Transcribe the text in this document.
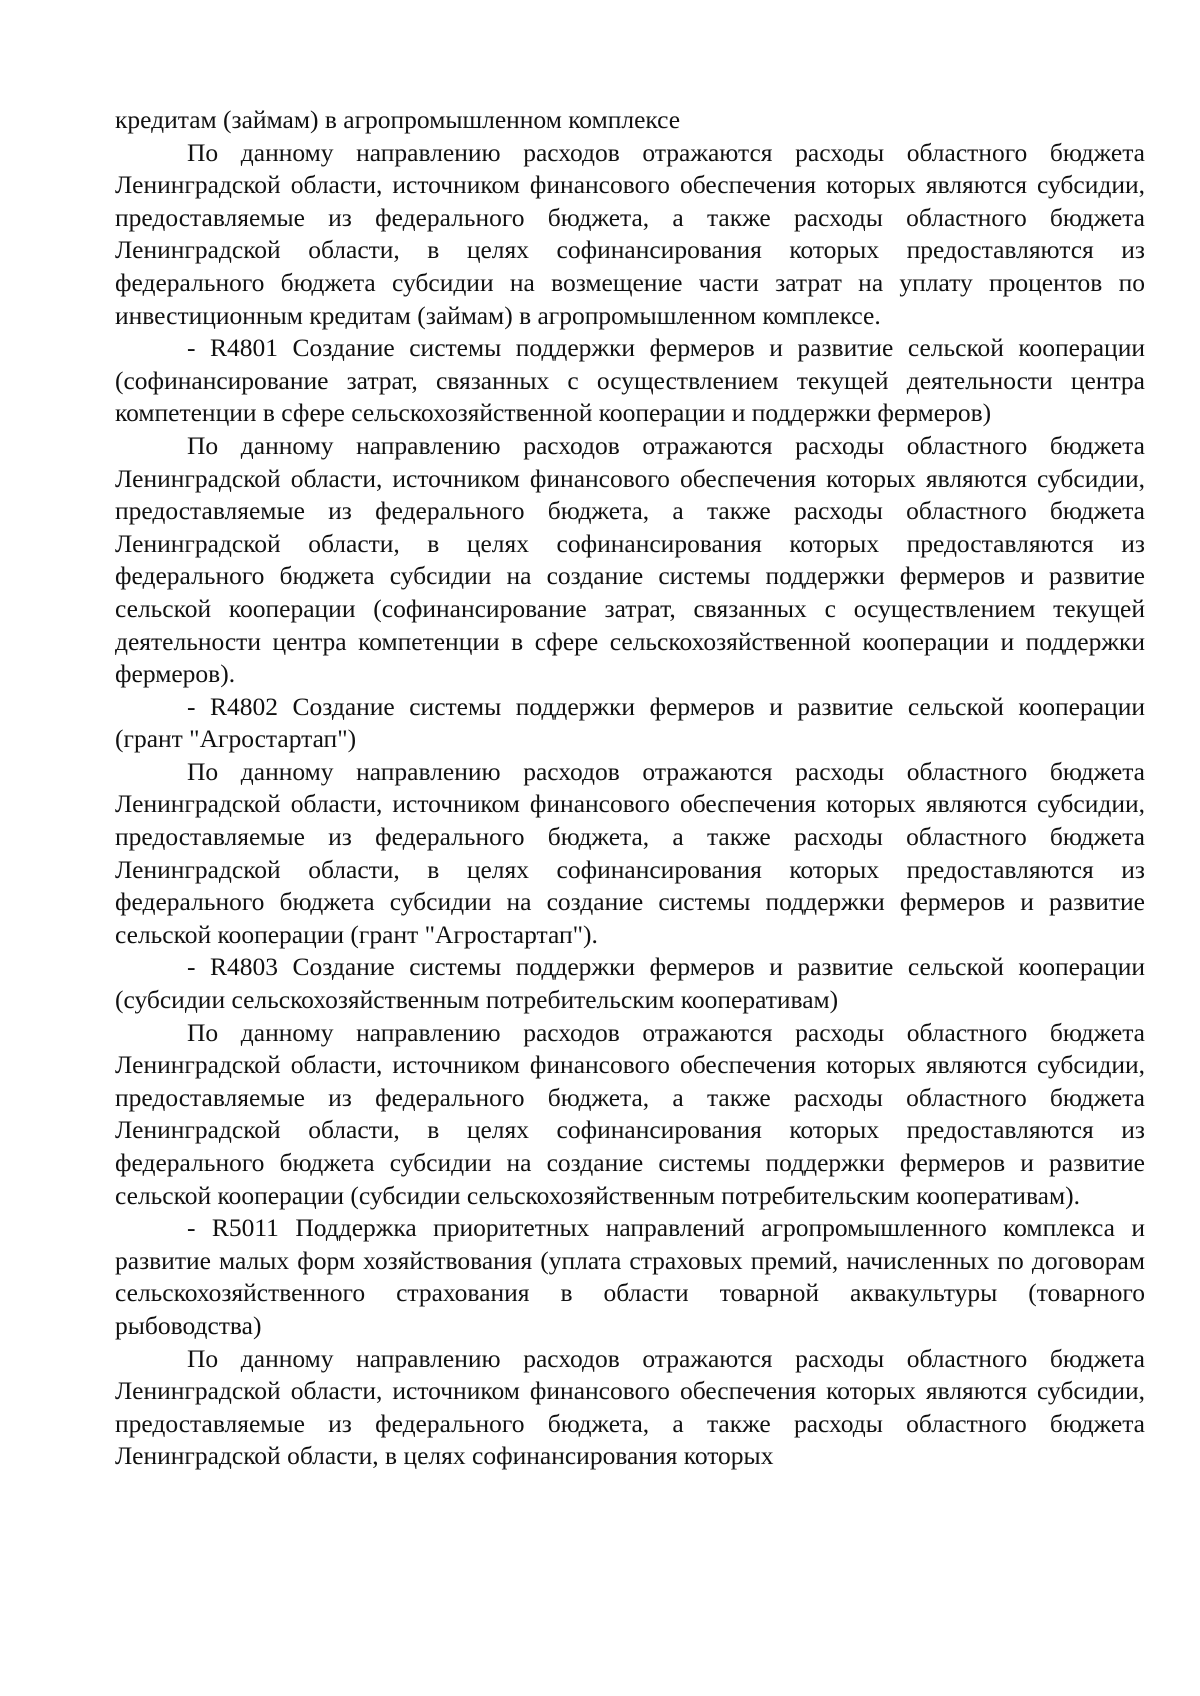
кредитам (займам) в агропромышленном комплексе

По данному направлению расходов отражаются расходы областного бюджета Ленинградской области, источником финансового обеспечения которых являются субсидии, предоставляемые из федерального бюджета, а также расходы областного бюджета Ленинградской области, в целях софинансирования которых предоставляются из федерального бюджета субсидии на возмещение части затрат на уплату процентов по инвестиционным кредитам (займам) в агропромышленном комплексе.

- R4801 Создание системы поддержки фермеров и развитие сельской кооперации (софинансирование затрат, связанных с осуществлением текущей деятельности центра компетенции в сфере сельскохозяйственной кооперации и поддержки фермеров)

По данному направлению расходов отражаются расходы областного бюджета Ленинградской области, источником финансового обеспечения которых являются субсидии, предоставляемые из федерального бюджета, а также расходы областного бюджета Ленинградской области, в целях софинансирования которых предоставляются из федерального бюджета субсидии на создание системы поддержки фермеров и развитие сельской кооперации (софинансирование затрат, связанных с осуществлением текущей деятельности центра компетенции в сфере сельскохозяйственной кооперации и поддержки фермеров).

- R4802 Создание системы поддержки фермеров и развитие сельской кооперации (грант "Агростартап")

По данному направлению расходов отражаются расходы областного бюджета Ленинградской области, источником финансового обеспечения которых являются субсидии, предоставляемые из федерального бюджета, а также расходы областного бюджета Ленинградской области, в целях софинансирования которых предоставляются из федерального бюджета субсидии на создание системы поддержки фермеров и развитие сельской кооперации (грант "Агростартап").

- R4803 Создание системы поддержки фермеров и развитие сельской кооперации (субсидии сельскохозяйственным потребительским кооперативам)

По данному направлению расходов отражаются расходы областного бюджета Ленинградской области, источником финансового обеспечения которых являются субсидии, предоставляемые из федерального бюджета, а также расходы областного бюджета Ленинградской области, в целях софинансирования которых предоставляются из федерального бюджета субсидии на создание системы поддержки фермеров и развитие сельской кооперации (субсидии сельскохозяйственным потребительским кооперативам).

- R5011 Поддержка приоритетных направлений агропромышленного комплекса и развитие малых форм хозяйствования (уплата страховых премий, начисленных по договорам сельскохозяйственного страхования в области товарной аквакультуры (товарного рыбоводства)

По данному направлению расходов отражаются расходы областного бюджета Ленинградской области, источником финансового обеспечения которых являются субсидии, предоставляемые из федерального бюджета, а также расходы областного бюджета Ленинградской области, в целях софинансирования которых
